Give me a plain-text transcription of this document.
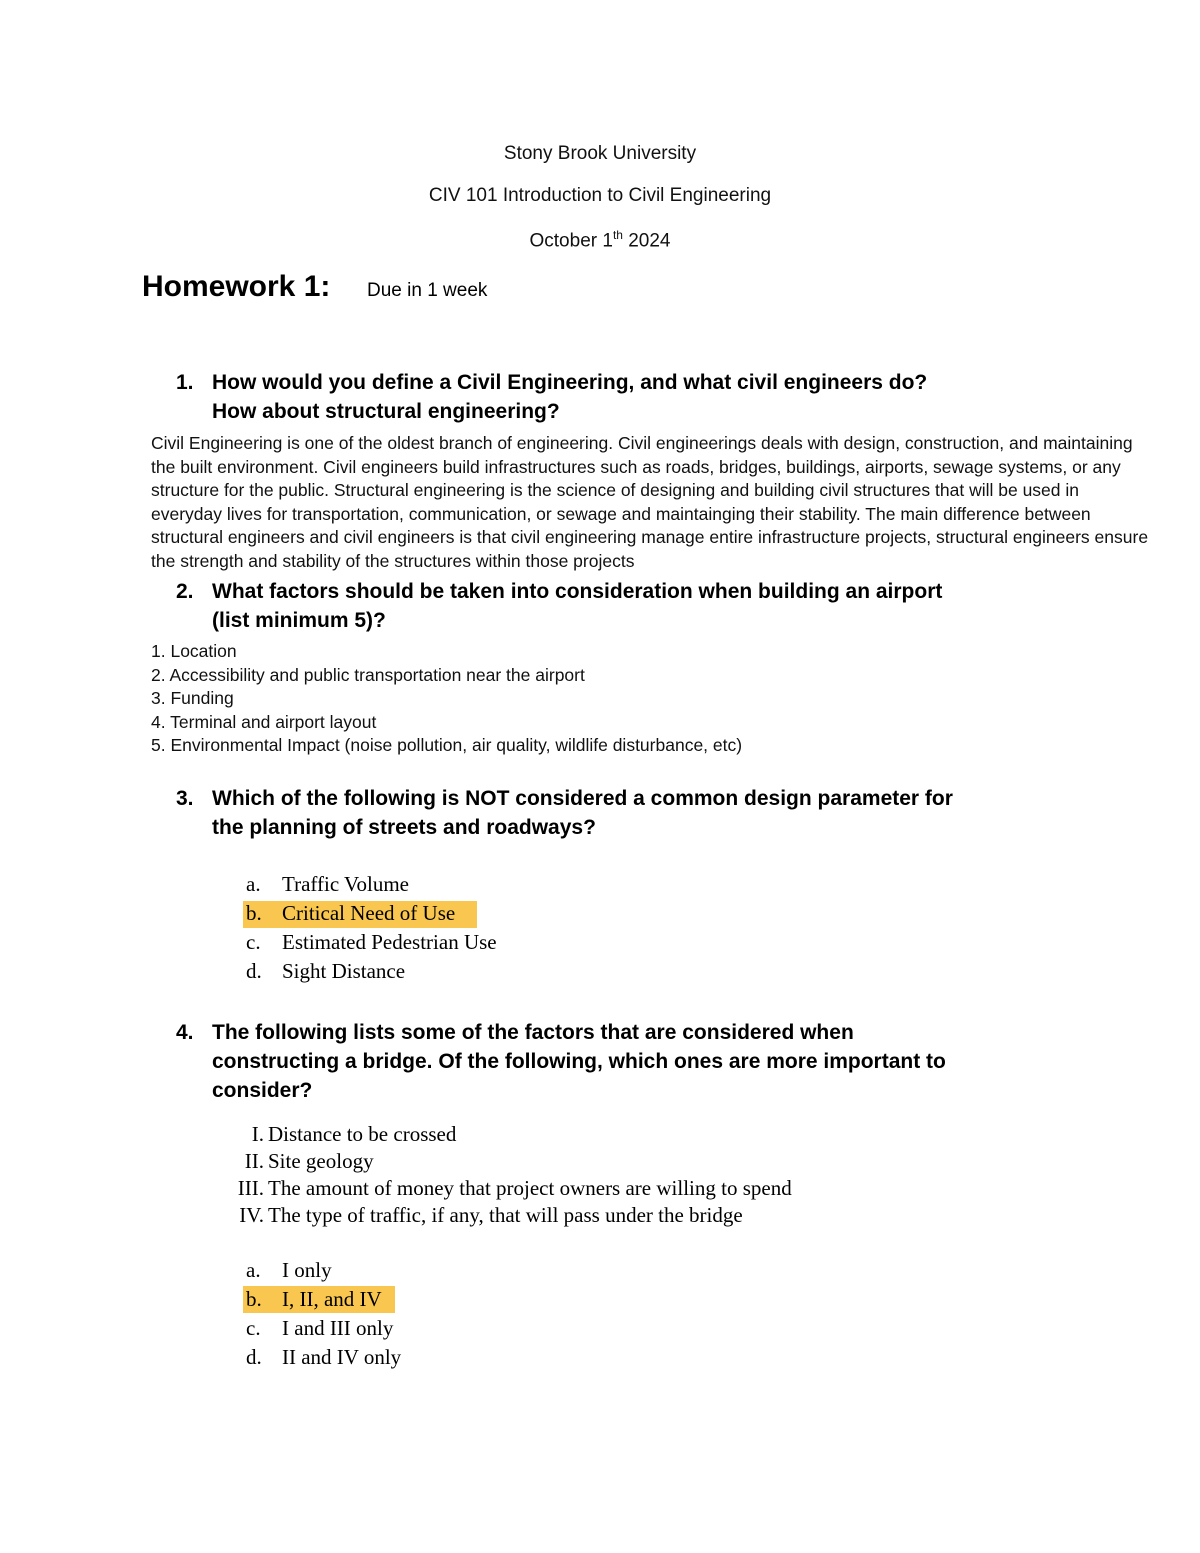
Stony Brook University
CIV 101 Introduction to Civil Engineering
October 1th 2024
Homework 1: Due in 1 week
1. How would you define a Civil Engineering, and what civil engineers do?
How about structural engineering?
Civil Engineering is one of the oldest branch of engineering. Civil engineerings deals with design, construction, and maintaining the built environment. Civil engineers build infrastructures such as roads, bridges, buildings, airports, sewage systems, or any structure for the public. Structural engineering is the science of designing and building civil structures that will be used in everyday lives for transportation, communication, or sewage and maintainging their stability. The main difference between structural engineers and civil engineers is that civil engineering manage entire infrastructure projects, structural engineers ensure the strength and stability of the structures within those projects
2. What factors should be taken into consideration when building an airport
(list minimum 5)?
1. Location
2. Accessibility and public transportation near the airport
3. Funding
4. Terminal and airport layout
5. Environmental Impact (noise pollution, air quality, wildlife disturbance, etc)
3. Which of the following is NOT considered a common design parameter for
the planning of streets and roadways?
a. Traffic Volume
b. Critical Need of Use
c. Estimated Pedestrian Use
d. Sight Distance
4. The following lists some of the factors that are considered when
constructing a bridge. Of the following, which ones are more important to
consider?
I. Distance to be crossed
II. Site geology
III. The amount of money that project owners are willing to spend
IV. The type of traffic, if any, that will pass under the bridge
a. I only
b. I, II, and IV
c. I and III only
d. II and IV only
